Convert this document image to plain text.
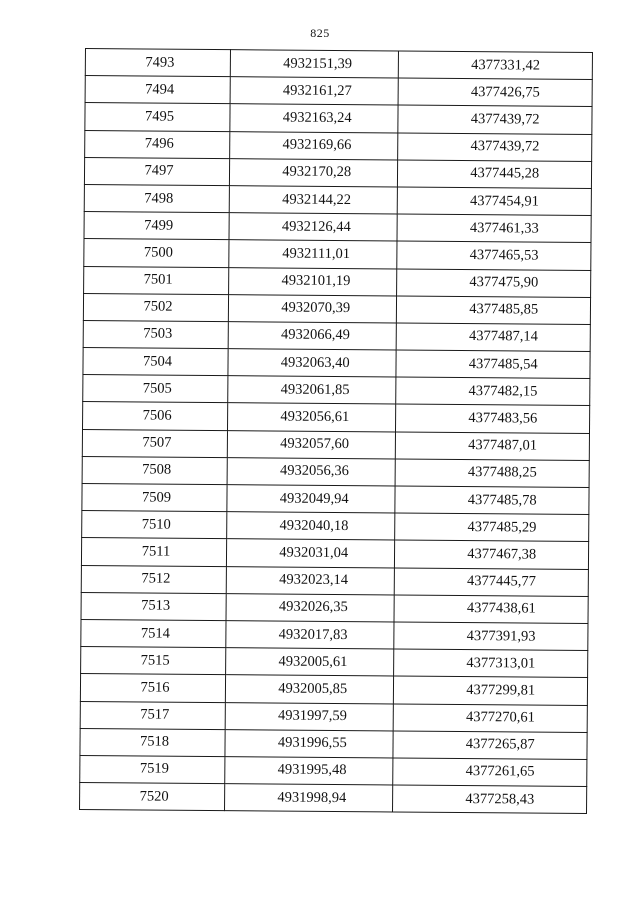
825
7493	4932151,39	4377331,42
7494	4932161,27	4377426,75
7495	4932163,24	4377439,72
7496	4932169,66	4377439,72
7497	4932170,28	4377445,28
7498	4932144,22	4377454,91
7499	4932126,44	4377461,33
7500	4932111,01	4377465,53
7501	4932101,19	4377475,90
7502	4932070,39	4377485,85
7503	4932066,49	4377487,14
7504	4932063,40	4377485,54
7505	4932061,85	4377482,15
7506	4932056,61	4377483,56
7507	4932057,60	4377487,01
7508	4932056,36	4377488,25
7509	4932049,94	4377485,78
7510	4932040,18	4377485,29
7511	4932031,04	4377467,38
7512	4932023,14	4377445,77
7513	4932026,35	4377438,61
7514	4932017,83	4377391,93
7515	4932005,61	4377313,01
7516	4932005,85	4377299,81
7517	4931997,59	4377270,61
7518	4931996,55	4377265,87
7519	4931995,48	4377261,65
7520	4931998,94	4377258,43
